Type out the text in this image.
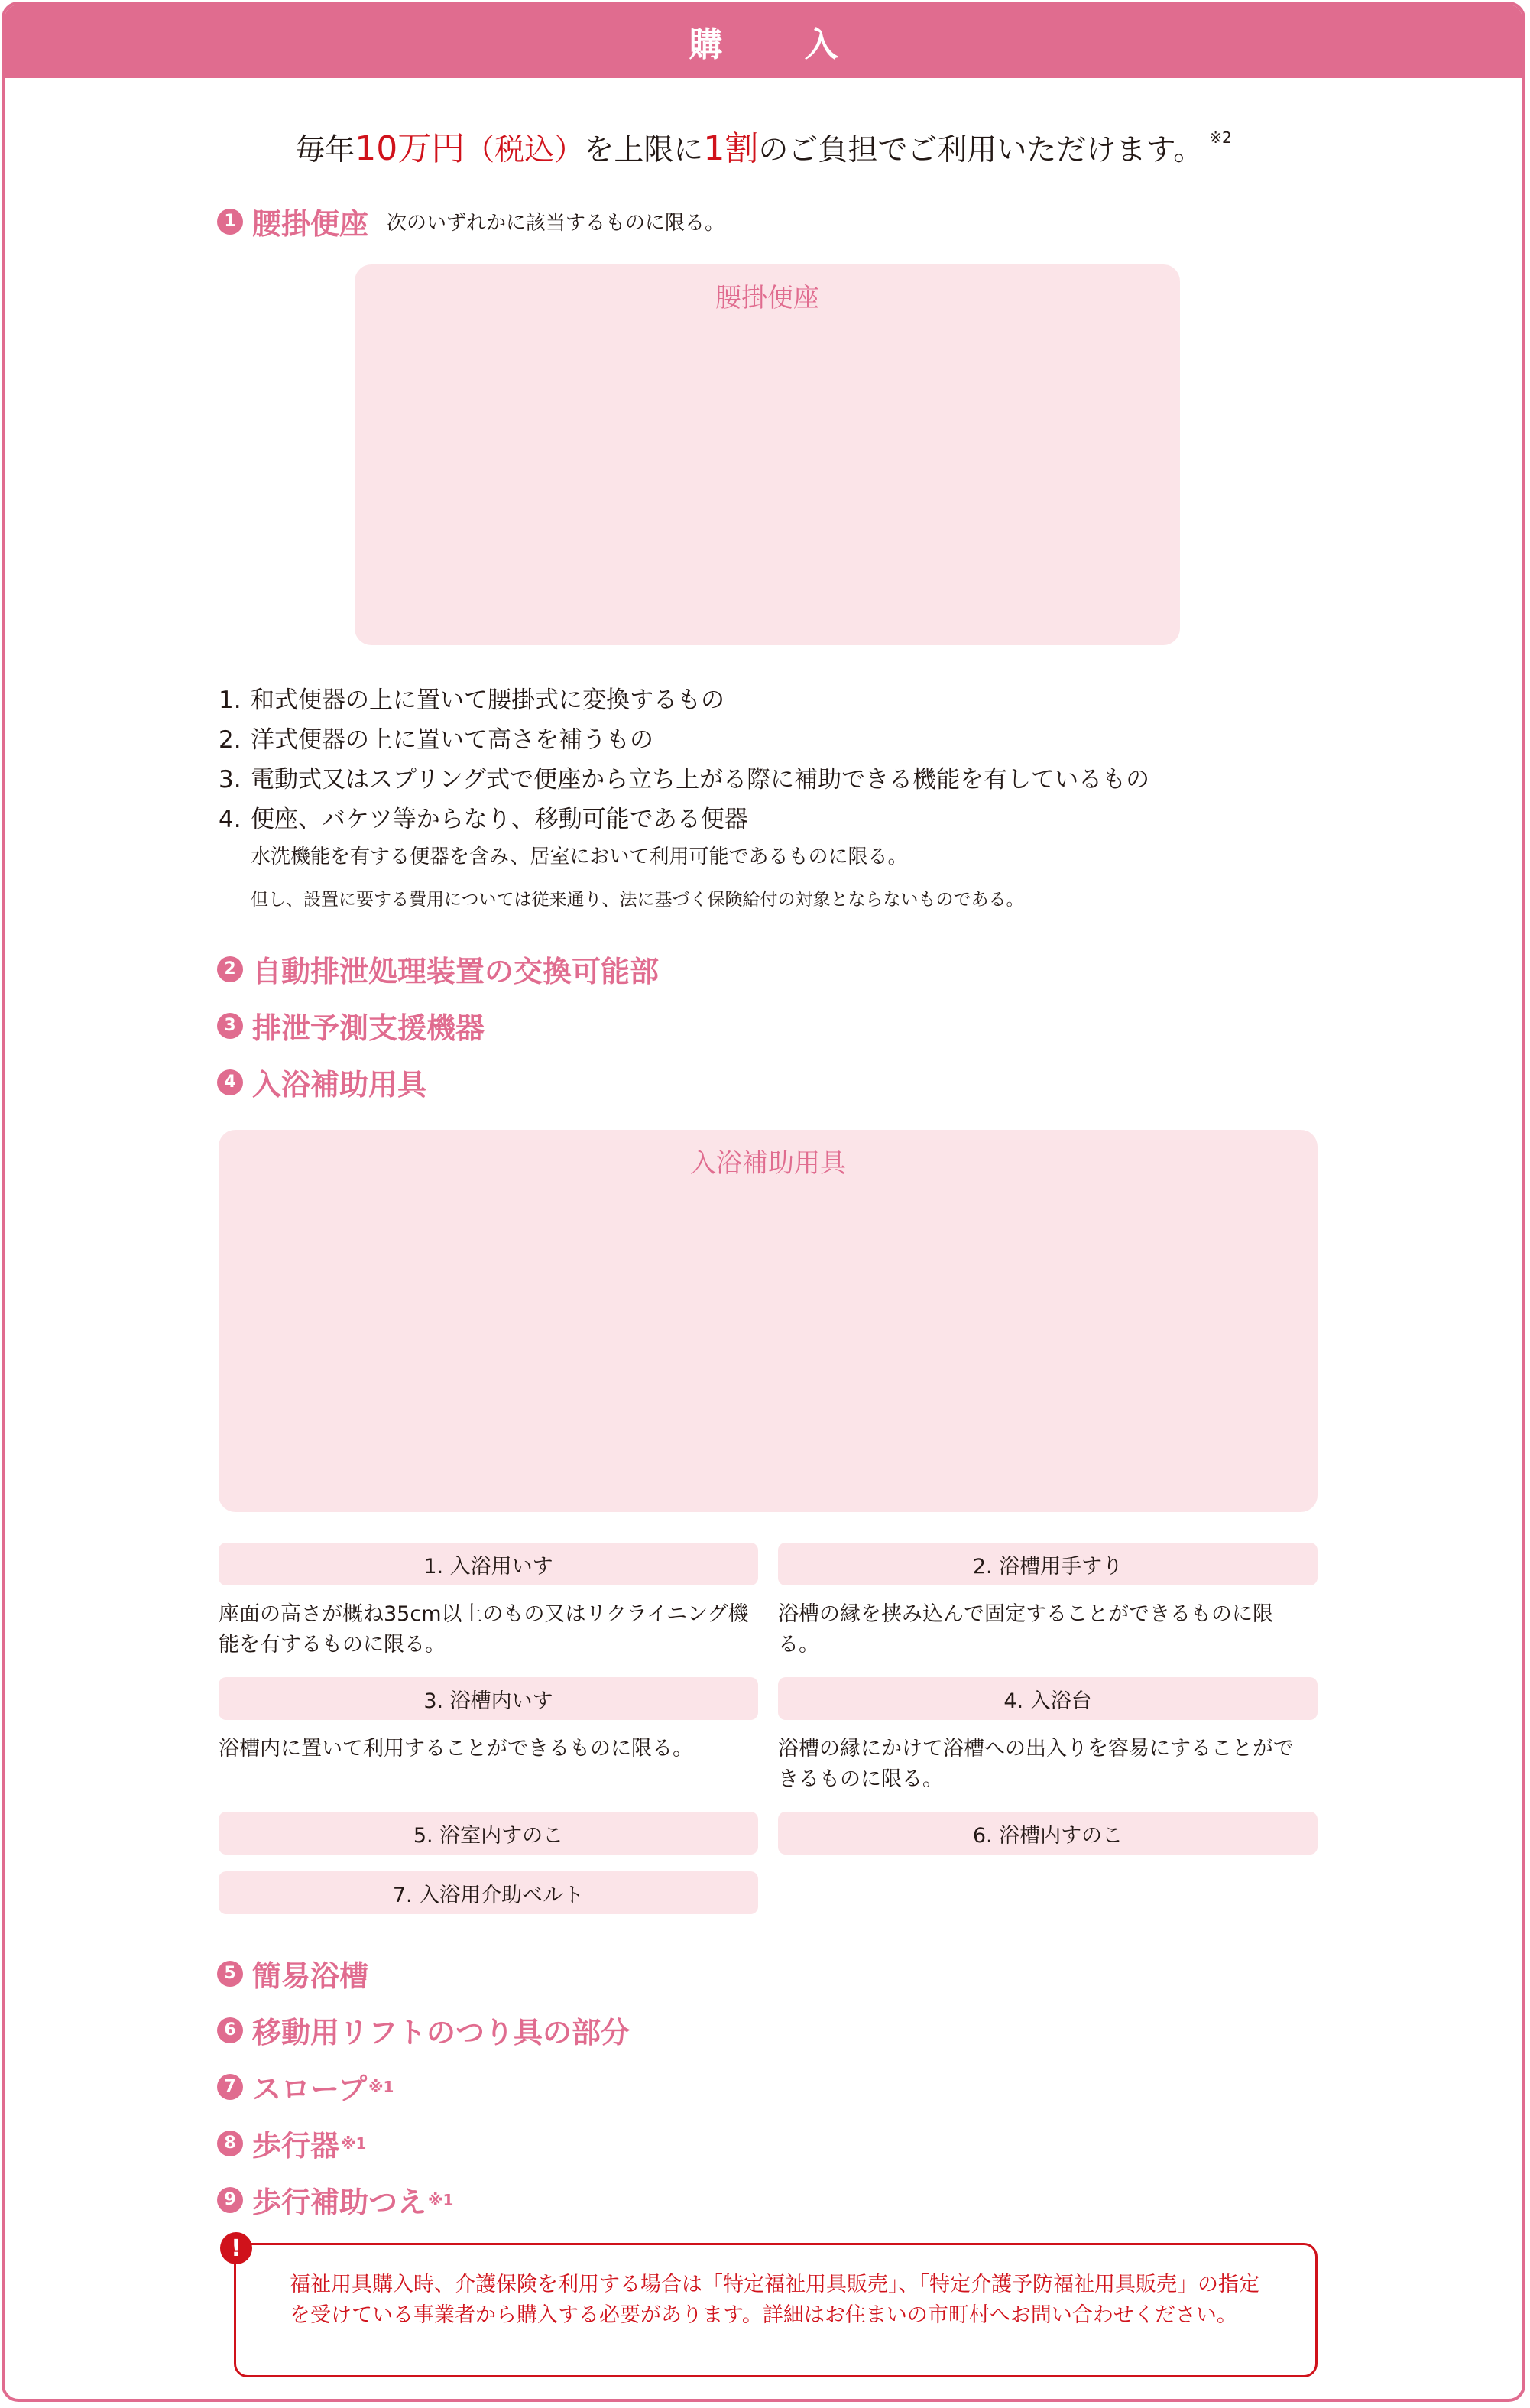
購 入
毎年10万円（税込）を上限に1割のご負担でご利用いただけます。 $^{※2}$
1 腰掛便座 次のいずれかに該当するものに限る。
腰掛便座
1. 和式便器の上に置いて腰掛式に変換するもの
2. 洋式便器の上に置いて高さを補うもの
3. 電動式又はスプリング式で便座から立ち上がる際に補助できる機能を有しているもの
4. 便座、バケツ等からなり、移動可能である便器
水洗機能を有する便器を含み、居室において利用可能であるものに限る。
但し、設置に要する費用については従来通り、法に基づく保険給付の対象とならないものである。
2 自動排泄処理装置の交換可能部
3 排泄予測支援機器
4 入浴補助用具
入浴補助用具
1. 入浴用いす	2. 浴槽用手すり
座面の高さが概ね35cm以上のもの又はリクライニング機能を有するものに限る。
浴槽の縁を挟み込んで固定することができるものに限る。
3. 浴槽内いす	4. 入浴台
浴槽内に置いて利用することができるものに限る。	浴槽の縁にかけて浴槽への出入りを容易にすることができるものに限る。
5. 浴室内すのこ	6. 浴槽内すのこ
7. 入浴用介助ベルト
5 簡易浴槽
6 移動用リフトのつり具の部分
7 スロープ ※1
8 歩行器 ※1
9 歩行補助つえ ※1
福祉用具購入時、介護保険を利用する場合は「特定福祉用具販売」、「特定介護予防福祉用具販売」の指定を受けている事業者から購入する必要があります。詳細はお住まいの市町村へお問い合わせください。
!
